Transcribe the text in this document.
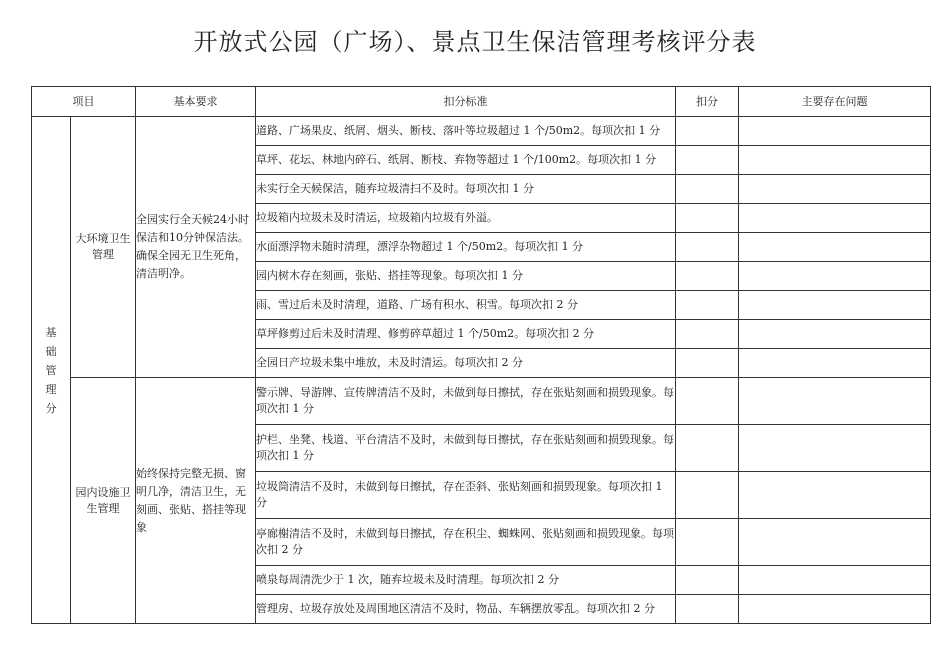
开放式公园（广场）、景点卫生保洁管理考核评分表
项目		基本要求	扣分标准	扣分	主要存在问题

基
础
管
理
分	大环境卫生管理	全园实行全天候24小时保洁和10分钟保洁法。确保全园无卫生死角，清洁明净。	道路、广场果皮、纸屑、烟头、断枝、落叶等垃圾超过 1 个/50m2。每项次扣 1 分		
			草坪、花坛、林地内碎石、纸屑、断枝、弃物等超过 1 个/100m2。每项次扣 1 分		
			未实行全天候保洁，随弃垃圾清扫不及时。每项次扣 1 分		
			垃圾箱内垃圾未及时清运，垃圾箱内垃圾有外溢。		
			水面漂浮物未随时清理，漂浮杂物超过 1 个/50m2。每项次扣 1 分		
			园内树木存在刻画，张贴、搭挂等现象。每项次扣 1 分		
			雨、雪过后未及时清理，道路、广场有积水、积雪。每项次扣 2 分		
			草坪修剪过后未及时清理、修剪碎草超过 1 个/50m2。每项次扣 2 分		
			全园日产垃圾未集中堆放，未及时清运。每项次扣 2 分		
	园内设施卫生管理	始终保持完整无损、窗明几净，清洁卫生，无刻画、张贴、搭挂等现象	警示牌、导游牌、宣传牌清洁不及时，未做到每日擦拭，存在张贴刻画和损毁现象。每项次扣 1 分		
			护栏、坐凳、栈道、平台清洁不及时，未做到每日擦拭，存在张贴刻画和损毁现象。每项次扣 1 分		
			垃圾筒清洁不及时，未做到每日擦拭，存在歪斜、张贴刻画和损毁现象。每项次扣 1 分		
			亭廊榭清洁不及时，未做到每日擦拭，存在积尘、蜘蛛网、张贴刻画和损毁现象。每项次扣 2 分		
			喷泉每周清洗少于 1 次，随弃垃圾未及时清理。每项次扣 2 分		
			管理房、垃圾存放处及周围地区清洁不及时，物品、车辆摆放零乱。每项次扣 2 分		
